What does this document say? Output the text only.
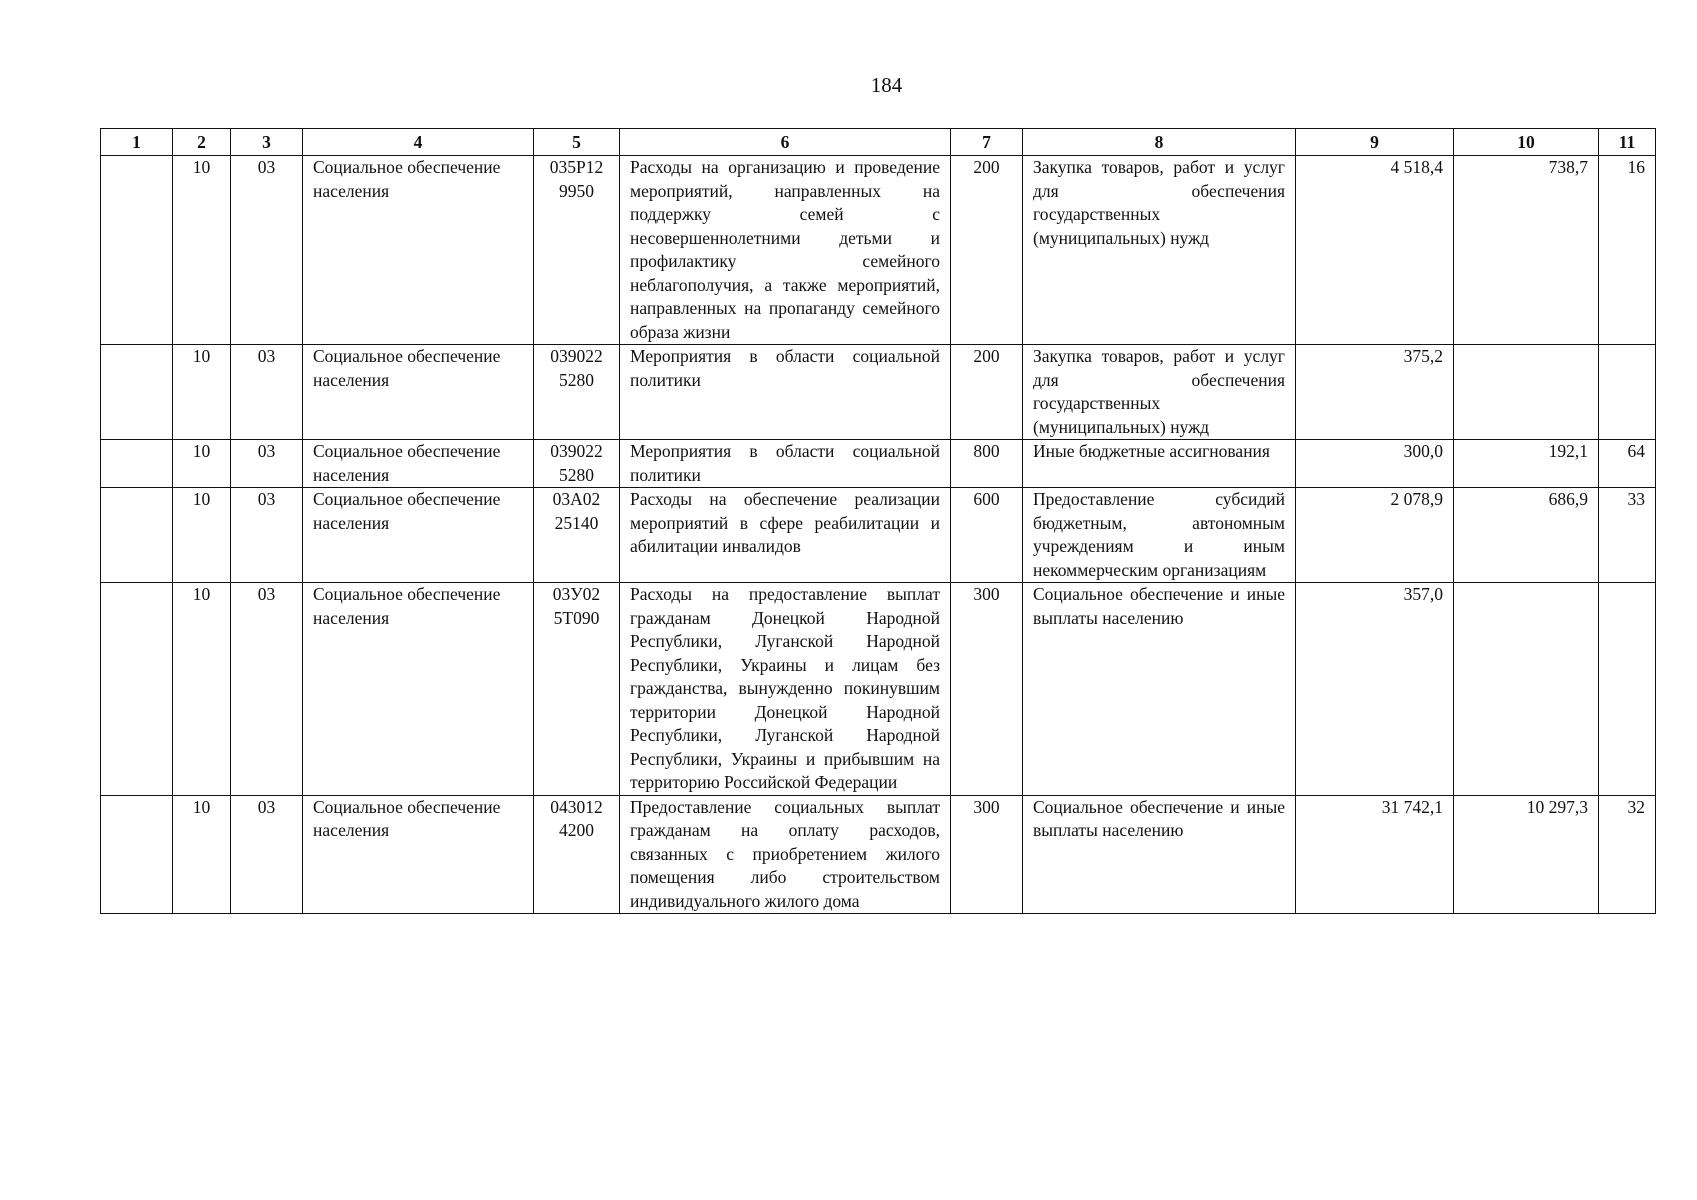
184
1	2	3	4	5	6	7	8	9	10	11
	10	03	Социальное обеспечение населения	035Р12 9950	Расходы на организацию и проведение мероприятий, направленных на поддержку семей с несовершеннолетними детьми и профилактику семейного неблагополучия, а также мероприятий, направленных на пропаганду семейного образа жизни	200	Закупка товаров, работ и услуг для обеспечения государственных (муниципальных) нужд	4 518,4	738,7	16
	10	03	Социальное обеспечение населения	039022 5280	Мероприятия в области социальной политики	200	Закупка товаров, работ и услуг для обеспечения государственных (муниципальных) нужд	375,2		
	10	03	Социальное обеспечение населения	039022 5280	Мероприятия в области социальной политики	800	Иные бюджетные ассигнования	300,0	192,1	64
	10	03	Социальное обеспечение населения	03А02 25140	Расходы на обеспечение реализации мероприятий в сфере реабилитации и абилитации инвалидов	600	Предоставление субсидий бюджетным, автономным учреждениям и иным некоммерческим организациям	2 078,9	686,9	33
	10	03	Социальное обеспечение населения	03У02 5Т090	Расходы на предоставление выплат гражданам Донецкой Народной Республики, Луганской Народной Республики, Украины и лицам без гражданства, вынужденно покинувшим территории Донецкой Народной Республики, Луганской Народной Республики, Украины и прибывшим на территорию Российской Федерации	300	Социальное обеспечение и иные выплаты населению	357,0		
	10	03	Социальное обеспечение населения	043012 4200	Предоставление социальных выплат гражданам на оплату расходов, связанных с приобретением жилого помещения либо строительством индивидуального жилого дома	300	Социальное обеспечение и иные выплаты населению	31 742,1	10 297,3	32
